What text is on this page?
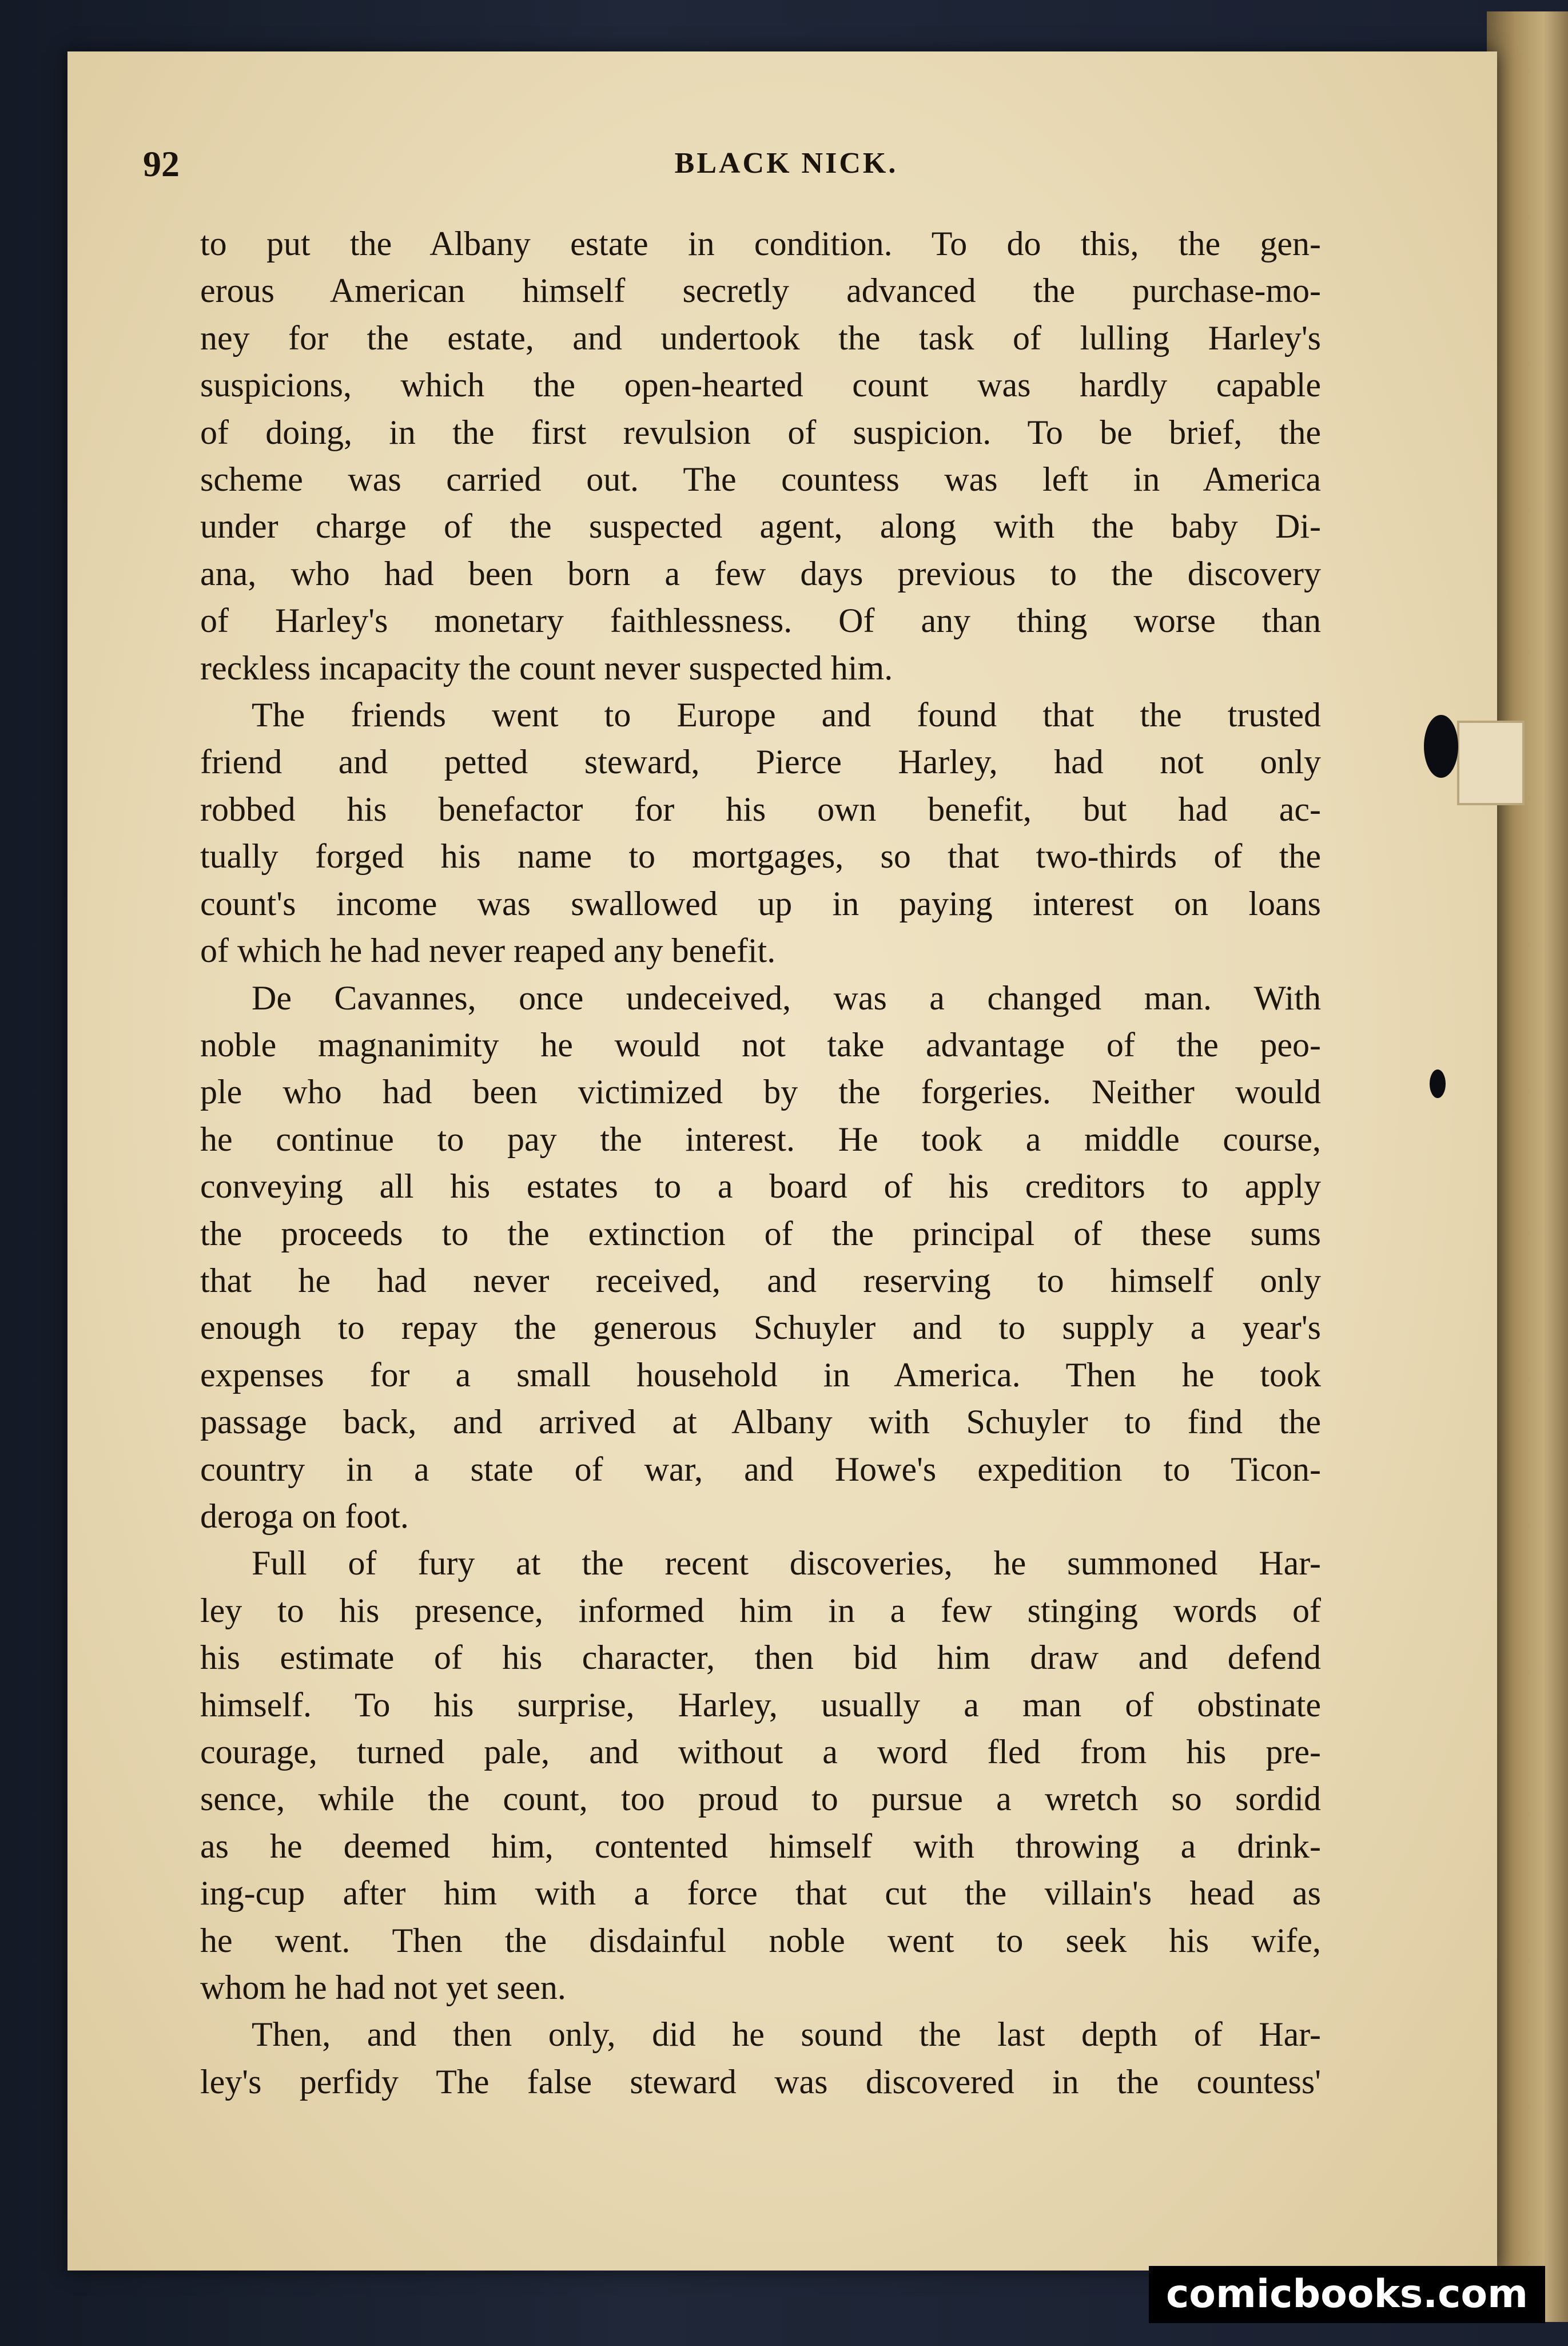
92	BLACK NICK.
to put the Albany estate in condition. To do this, the gen-
erous American himself secretly advanced the purchase-mo-
ney for the estate, and undertook the task of lulling Harley's
suspicions, which the open-hearted count was hardly capable
of doing, in the first revulsion of suspicion. To be brief, the
scheme was carried out. The countess was left in America
under charge of the suspected agent, along with the baby Di-
ana, who had been born a few days previous to the discovery
of Harley's monetary faithlessness. Of any thing worse than
reckless incapacity the count never suspected him.
The friends went to Europe and found that the trusted
friend and petted steward, Pierce Harley, had not only
robbed his benefactor for his own benefit, but had ac-
tually forged his name to mortgages, so that two-thirds of the
count's income was swallowed up in paying interest on loans
of which he had never reaped any benefit.
De Cavannes, once undeceived, was a changed man. With
noble magnanimity he would not take advantage of the peo-
ple who had been victimized by the forgeries. Neither would
he continue to pay the interest. He took a middle course,
conveying all his estates to a board of his creditors to apply
the proceeds to the extinction of the principal of these sums
that he had never received, and reserving to himself only
enough to repay the generous Schuyler and to supply a year's
expenses for a small household in America. Then he took
passage back, and arrived at Albany with Schuyler to find the
country in a state of war, and Howe's expedition to Ticon-
deroga on foot.
Full of fury at the recent discoveries, he summoned Har-
ley to his presence, informed him in a few stinging words of
his estimate of his character, then bid him draw and defend
himself. To his surprise, Harley, usually a man of obstinate
courage, turned pale, and without a word fled from his pre-
sence, while the count, too proud to pursue a wretch so sordid
as he deemed him, contented himself with throwing a drink-
ing-cup after him with a force that cut the villain's head as
he went. Then the disdainful noble went to seek his wife,
whom he had not yet seen.
Then, and then only, did he sound the last depth of Har-
ley's perfidy The false steward was discovered in the countess'
comicbooks.com
